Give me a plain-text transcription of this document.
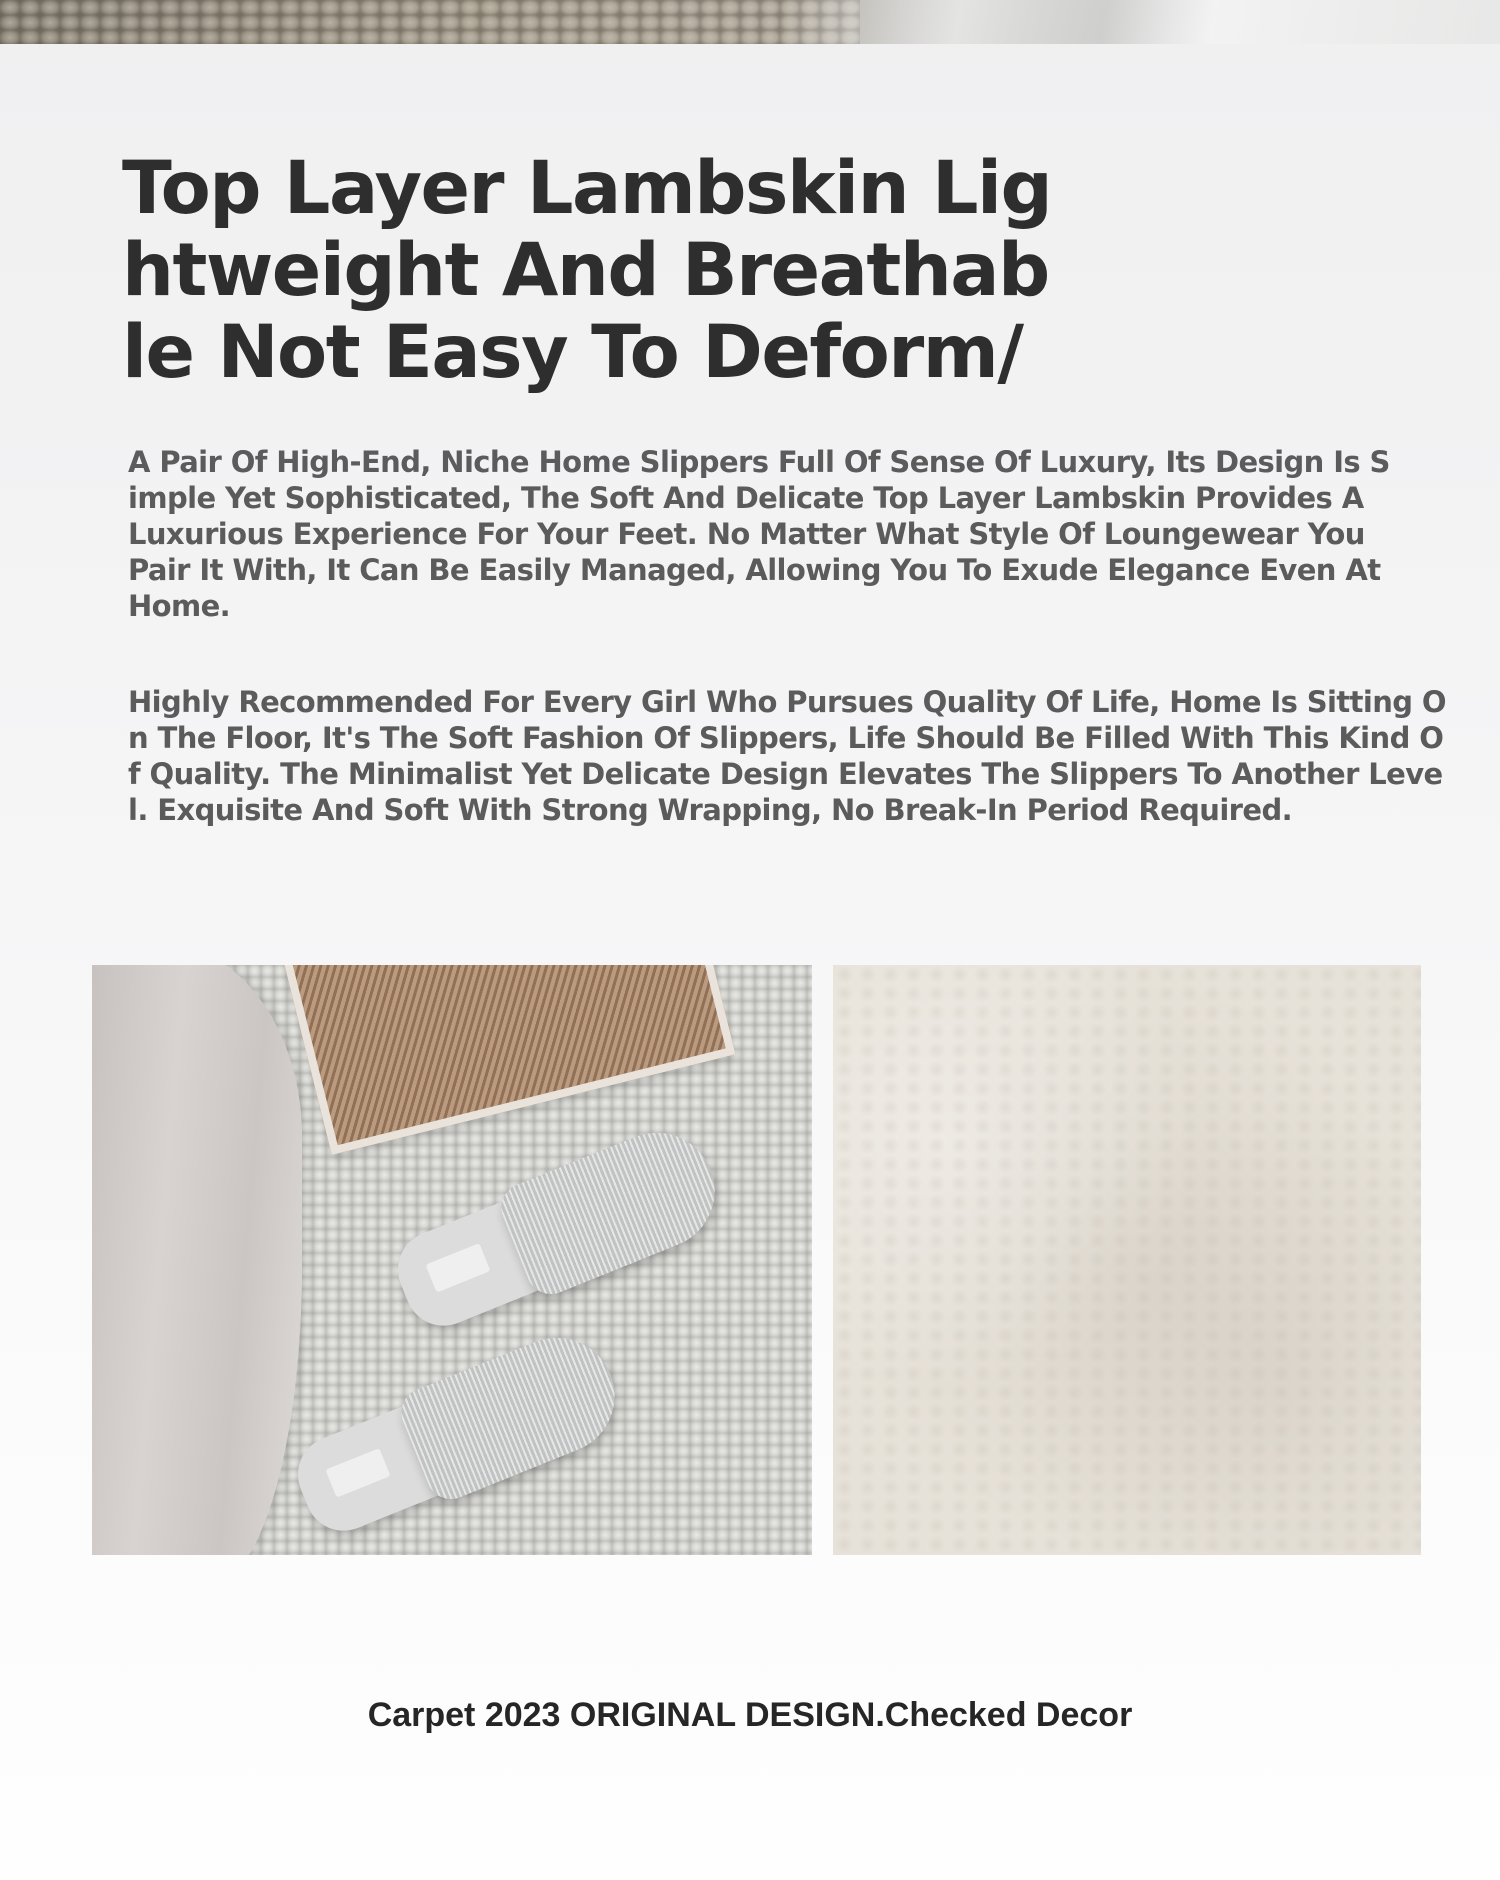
Top Layer Lambskin Lightweight And Breathable Not Easy To Deform/

A Pair Of High-End, Niche Home Slippers Full Of Sense Of Luxury, Its Design Is Simple Yet Sophisticated, The Soft And Delicate Top Layer Lambskin Provides A Luxurious Experience For Your Feet. No Matter What Style Of Loungewear You Pair It With, It Can Be Easily Managed, Allowing You To Exude Elegance Even At Home.

Highly Recommended For Every Girl Who Pursues Quality Of Life, Home Is Sitting On The Floor, It's The Soft Fashion Of Slippers, Life Should Be Filled With This Kind Of Quality. The Minimalist Yet Delicate Design Elevates The Slippers To Another Level. Exquisite And Soft With Strong Wrapping, No Break-In Period Required.

Carpet 2023 ORIGINAL DESIGN.Checked Decor
